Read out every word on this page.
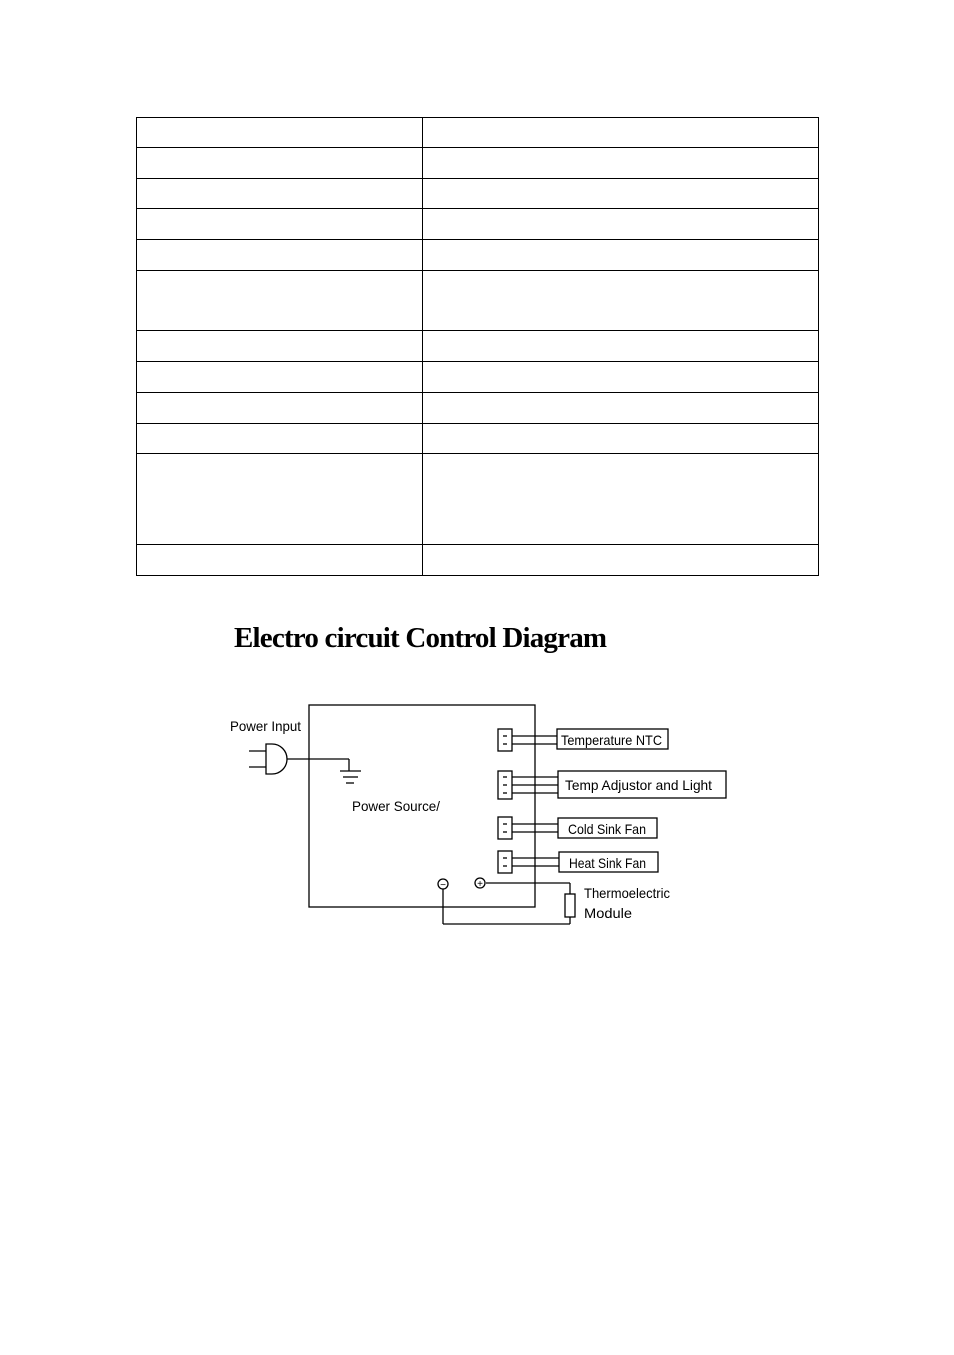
Electro circuit Control Diagram
Power Input
Power Source/
Temperature NTC
Temp Adjustor and Light
Cold Sink Fan
Heat Sink Fan
−	+
Thermoelectric
Module
